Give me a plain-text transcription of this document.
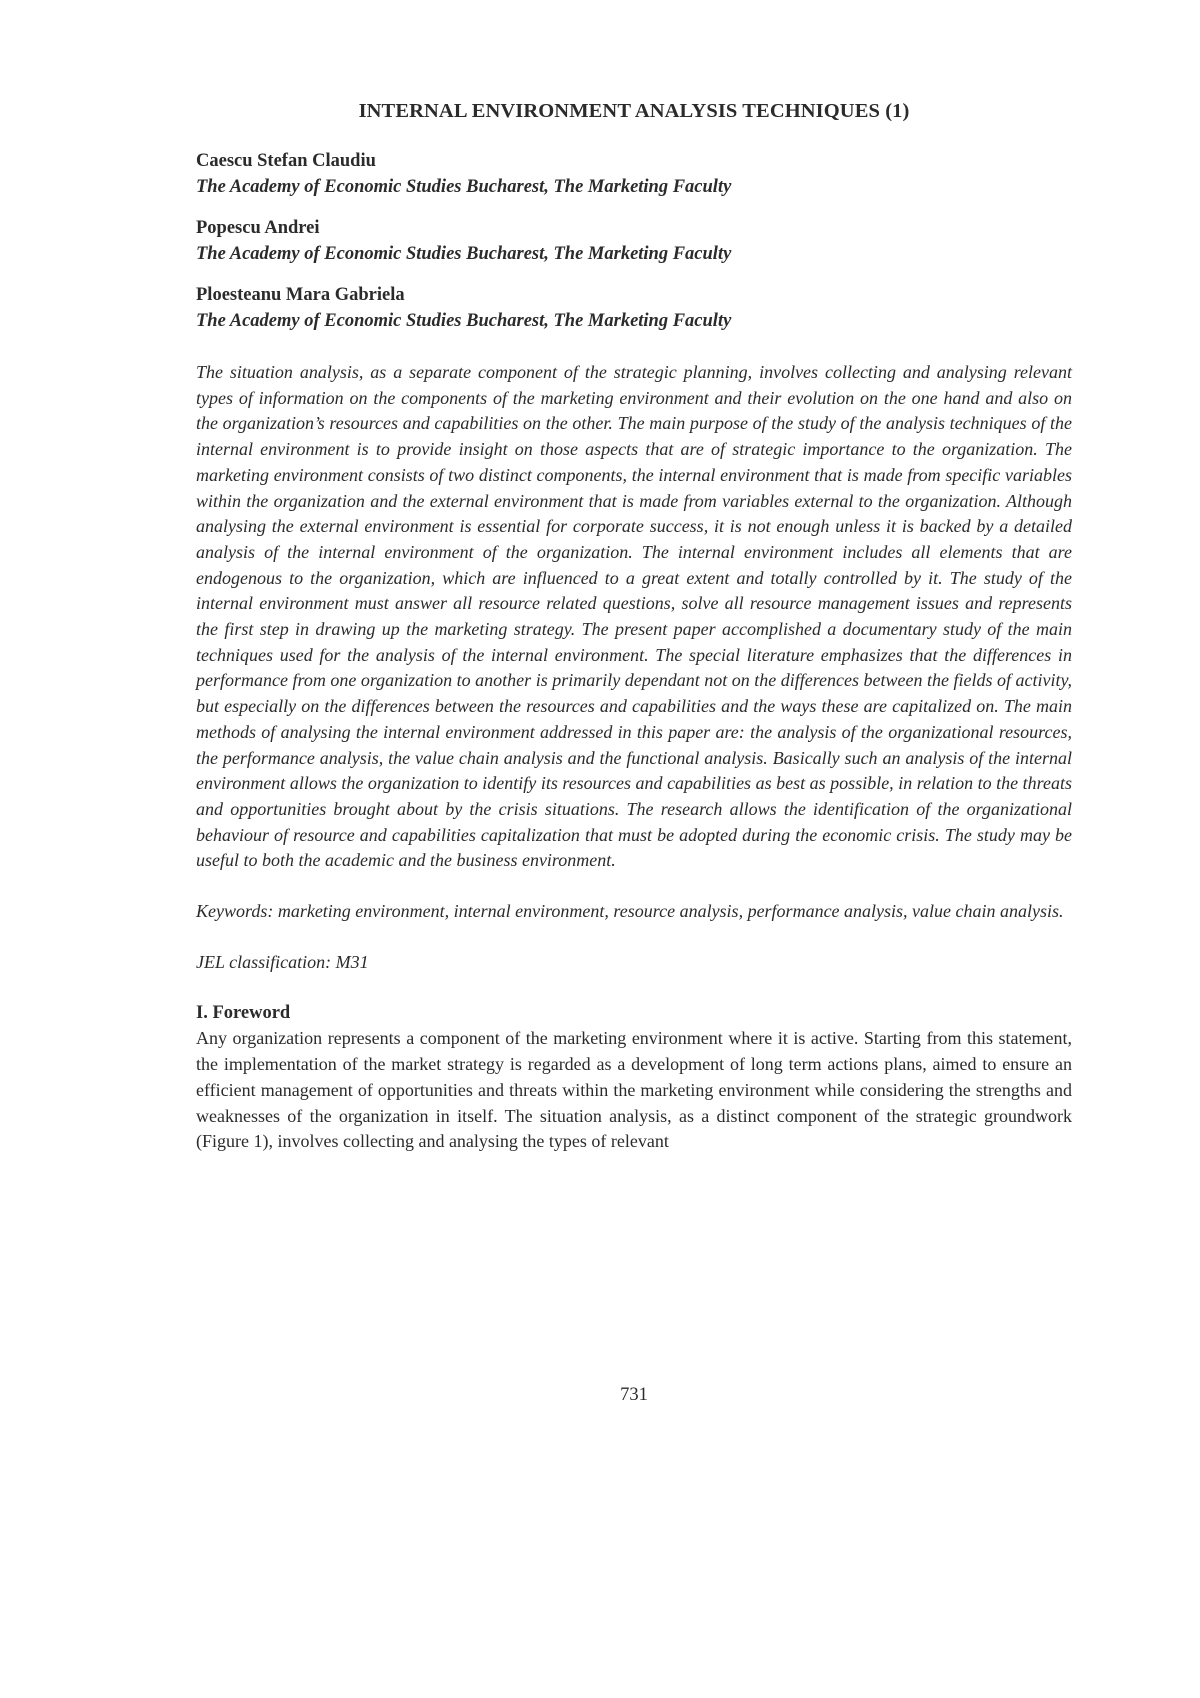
INTERNAL ENVIRONMENT ANALYSIS TECHNIQUES (1)
Caescu Stefan Claudiu
The Academy of Economic Studies Bucharest, The Marketing Faculty
Popescu Andrei
The Academy of Economic Studies Bucharest, The Marketing Faculty
Ploesteanu Mara Gabriela
The Academy of Economic Studies Bucharest, The Marketing Faculty
The situation analysis, as a separate component of the strategic planning, involves collecting and analysing relevant types of information on the components of the marketing environment and their evolution on the one hand and also on the organization’s resources and capabilities on the other. The main purpose of the study of the analysis techniques of the internal environment is to provide insight on those aspects that are of strategic importance to the organization. The marketing environment consists of two distinct components, the internal environment that is made from specific variables within the organization and the external environment that is made from variables external to the organization. Although analysing the external environment is essential for corporate success, it is not enough unless it is backed by a detailed analysis of the internal environment of the organization. The internal environment includes all elements that are endogenous to the organization, which are influenced to a great extent and totally controlled by it. The study of the internal environment must answer all resource related questions, solve all resource management issues and represents the first step in drawing up the marketing strategy. The present paper accomplished a documentary study of the main techniques used for the analysis of the internal environment. The special literature emphasizes that the differences in performance from one organization to another is primarily dependant not on the differences between the fields of activity, but especially on the differences between the resources and capabilities and the ways these are capitalized on. The main methods of analysing the internal environment addressed in this paper are: the analysis of the organizational resources, the performance analysis, the value chain analysis and the functional analysis. Basically such an analysis of the internal environment allows the organization to identify its resources and capabilities as best as possible, in relation to the threats and opportunities brought about by the crisis situations. The research allows the identification of the organizational behaviour of resource and capabilities capitalization that must be adopted during the economic crisis. The study may be useful to both the academic and the business environment.
Keywords: marketing environment, internal environment, resource analysis, performance analysis, value chain analysis.
JEL classification: M31
I. Foreword
Any organization represents a component of the marketing environment where it is active. Starting from this statement, the implementation of the market strategy is regarded as a development of long term actions plans, aimed to ensure an efficient management of opportunities and threats within the marketing environment while considering the strengths and weaknesses of the organization in itself. The situation analysis, as a distinct component of the strategic groundwork (Figure 1), involves collecting and analysing the types of relevant
731
